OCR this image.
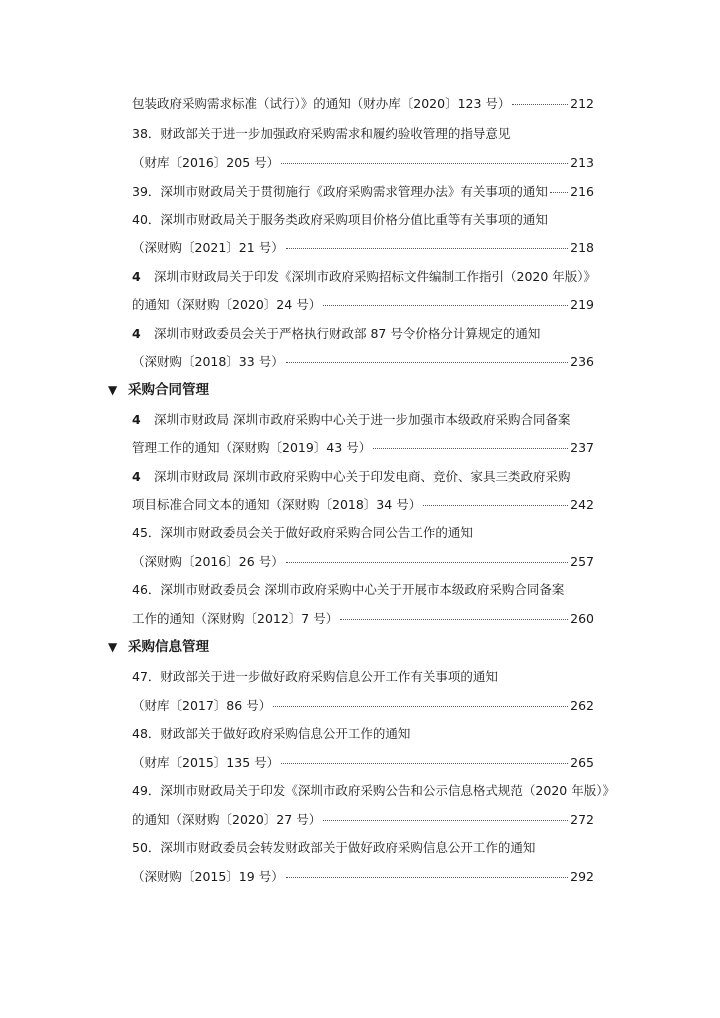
包装政府采购需求标准（试行）》的通知（财办库〔2020〕123 号）	212
38．财政部关于进一步加强政府采购需求和履约验收管理的指导意见
（财库〔2016〕205 号）	213
39．深圳市财政局关于贯彻施行《政府采购需求管理办法》有关事项的通知 216
40．深圳市财政局关于服务类政府采购项目价格分值比重等有关事项的通知
（深财购〔2021〕21 号）	218
4 深圳市财政局关于印发《深圳市政府采购招标文件编制工作指引（2020 年版）》
的通知（深财购〔2020〕24 号）	219
4 深圳市财政委员会关于严格执行财政部 87 号令价格分计算规定的通知
（深财购〔2018〕33 号）	236
▼ 采购合同管理
4 深圳市财政局 深圳市政府采购中心关于进一步加强市本级政府采购合同备案
管理工作的通知（深财购〔2019〕43 号）	237
4 深圳市财政局 深圳市政府采购中心关于印发电商、竞价、家具三类政府采购
项目标准合同文本的通知（深财购〔2018〕34 号）	242
45．深圳市财政委员会关于做好政府采购合同公告工作的通知
（深财购〔2016〕26 号）	257
46．深圳市财政委员会 深圳市政府采购中心关于开展市本级政府采购合同备案
工作的通知（深财购〔2012〕7 号）	260
▼ 采购信息管理
47．财政部关于进一步做好政府采购信息公开工作有关事项的通知
（财库〔2017〕86 号）	262
48．财政部关于做好政府采购信息公开工作的通知
（财库〔2015〕135 号）	265
49．深圳市财政局关于印发《深圳市政府采购公告和公示信息格式规范（2020 年版）》
的通知（深财购〔2020〕27 号）	272
50．深圳市财政委员会转发财政部关于做好政府采购信息公开工作的通知
（深财购〔2015〕19 号）	292
